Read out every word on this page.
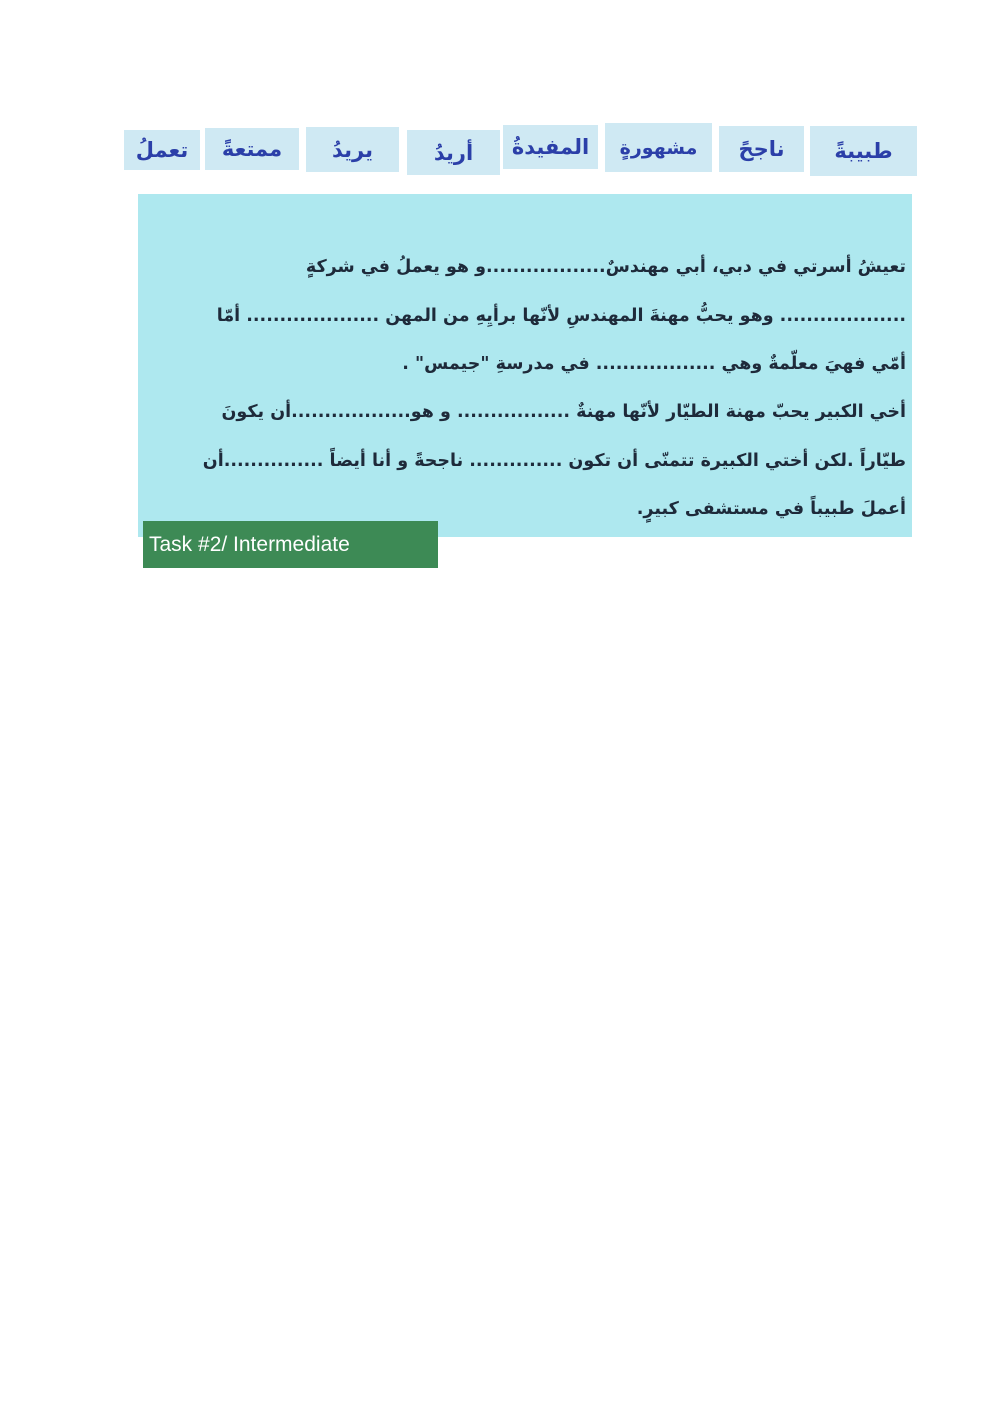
طبيبةً
ناجحً
مشهورةٍ
المفيدةُ
أريدُ
يريدُ
ممتعةً
تعملُ
تعيشُ أسرتي في دبي، أبي مهندسٌ..................و هو يعملُ في شركةٍ
................... وهو يحبُّ مهنةَ المهندسِ لأنّها برأيِهِ من المهن .................... أمّا
أمّي فهيَ معلّمةٌ وهي .................. في مدرسةِ "جيمس" .
أخي الكبير يحبّ مهنة الطيّار لأنّها مهنةٌ ................. و هو..................أن يكونَ
طيّاراً .لكن أختي الكبيرة تتمنّى أن تكون .............. ناجحةً و أنا أيضاً ...............أن
أعملَ طبيباً في مستشفى كبيرٍ.
Task #2/ Intermediate
